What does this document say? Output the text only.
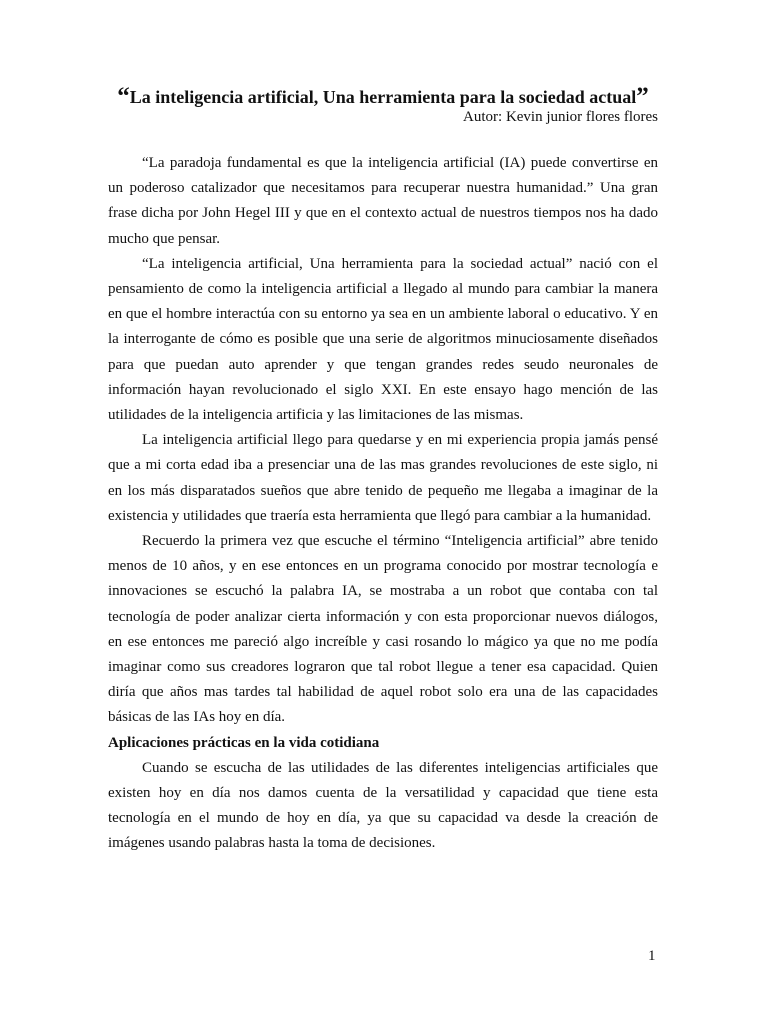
“La inteligencia artificial, Una herramienta para la sociedad actual”

Autor: Kevin junior flores flores

“La paradoja fundamental es que la inteligencia artificial (IA) puede convertirse en un poderoso catalizador que necesitamos para recuperar nuestra humanidad.” Una gran frase dicha por John Hegel III y que en el contexto actual de nuestros tiempos nos ha dado mucho que pensar.

“La inteligencia artificial, Una herramienta para la sociedad actual” nació con el pensamiento de como la inteligencia artificial a llegado al mundo para cambiar la manera en que el hombre interactúa con su entorno ya sea en un ambiente laboral o educativo. Y en la interrogante de cómo es posible que una serie de algoritmos minuciosamente diseñados para que puedan auto aprender y que tengan grandes redes seudo neuronales de información hayan revolucionado el siglo XXI. En este ensayo hago mención de las utilidades de la inteligencia artificia y las limitaciones de las mismas.

La inteligencia artificial llego para quedarse y en mi experiencia propia jamás pensé que a mi corta edad iba a presenciar una de las mas grandes revoluciones de este siglo, ni en los más disparatados sueños que abre tenido de pequeño me llegaba a imaginar de la existencia y utilidades que traería esta herramienta que llegó para cambiar a la humanidad.

Recuerdo la primera vez que escuche el término “Inteligencia artificial” abre tenido menos de 10 años, y en ese entonces en un programa conocido por mostrar tecnología e innovaciones se escuchó la palabra IA, se mostraba a un robot que contaba con tal tecnología de poder analizar cierta información y con esta proporcionar nuevos diálogos, en ese entonces me pareció algo increíble y casi rosando lo mágico ya que no me podía imaginar como sus creadores lograron que tal robot llegue a tener esa capacidad. Quien diría que años mas tardes tal habilidad de aquel robot solo era una de las capacidades básicas de las IAs hoy en día.

Aplicaciones prácticas en la vida cotidiana

Cuando se escucha de las utilidades de las diferentes inteligencias artificiales que existen hoy en día nos damos cuenta de la versatilidad y capacidad que tiene esta tecnología en el mundo de hoy en día, ya que su capacidad va desde la creación de imágenes usando palabras hasta la toma de decisiones.

1
